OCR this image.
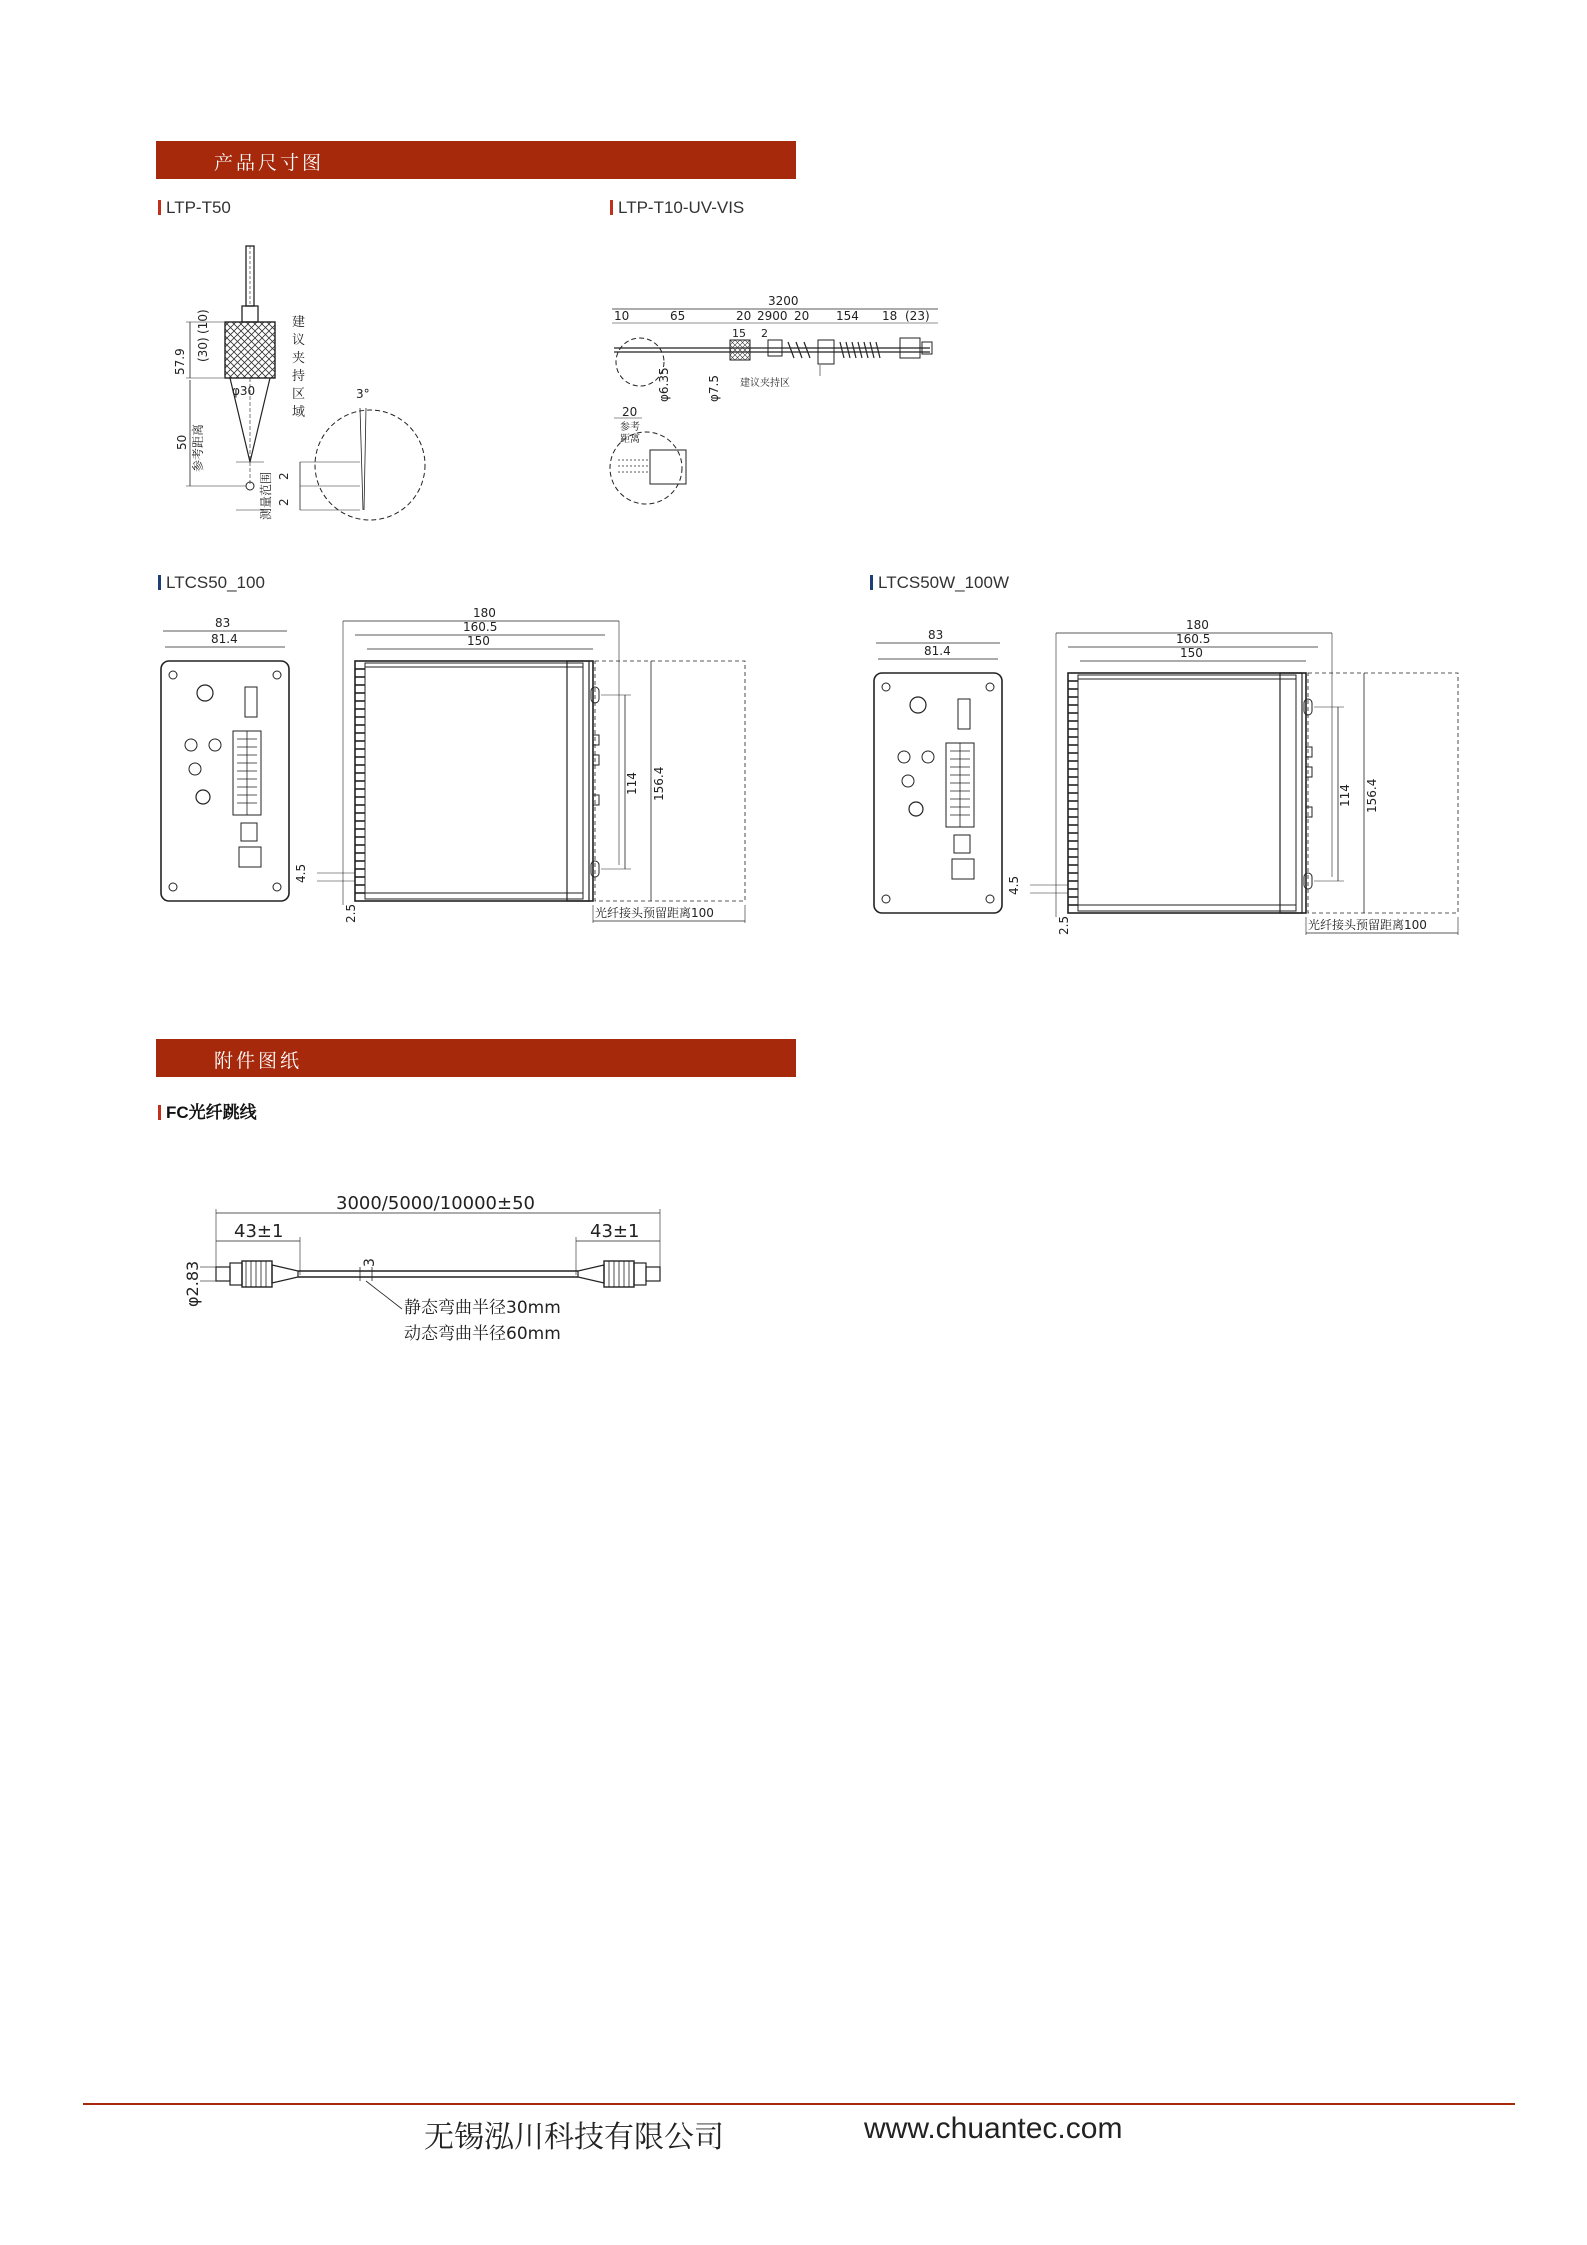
产品尺寸图
LTP-T50	LTP-T10-UV-VIS
57.9 (30)
(10)
φ30
50 参考距离
建议夹持区域
测量范围 2
2
3°
3200
10	65	20 2900 20 154 18 (23)
15 2
建议夹持区
φ6.35	φ7.5
20
参考
距离
LTCS50_100	LTCS50W_100W
83
81.4
180
160.5
150
114 156.4
光纤接头预留距离100
4.5
2.5
83
81.4
180
160.5
150
114 156.4
光纤接头预留距离100
4.5
2.5
附件图纸
FC光纤跳线
3000/5000/10000±50
43±1	43±1
3
φ2.83
静态弯曲半径30mm
动态弯曲半径60mm
无锡泓川科技有限公司	www.chuantec.com
